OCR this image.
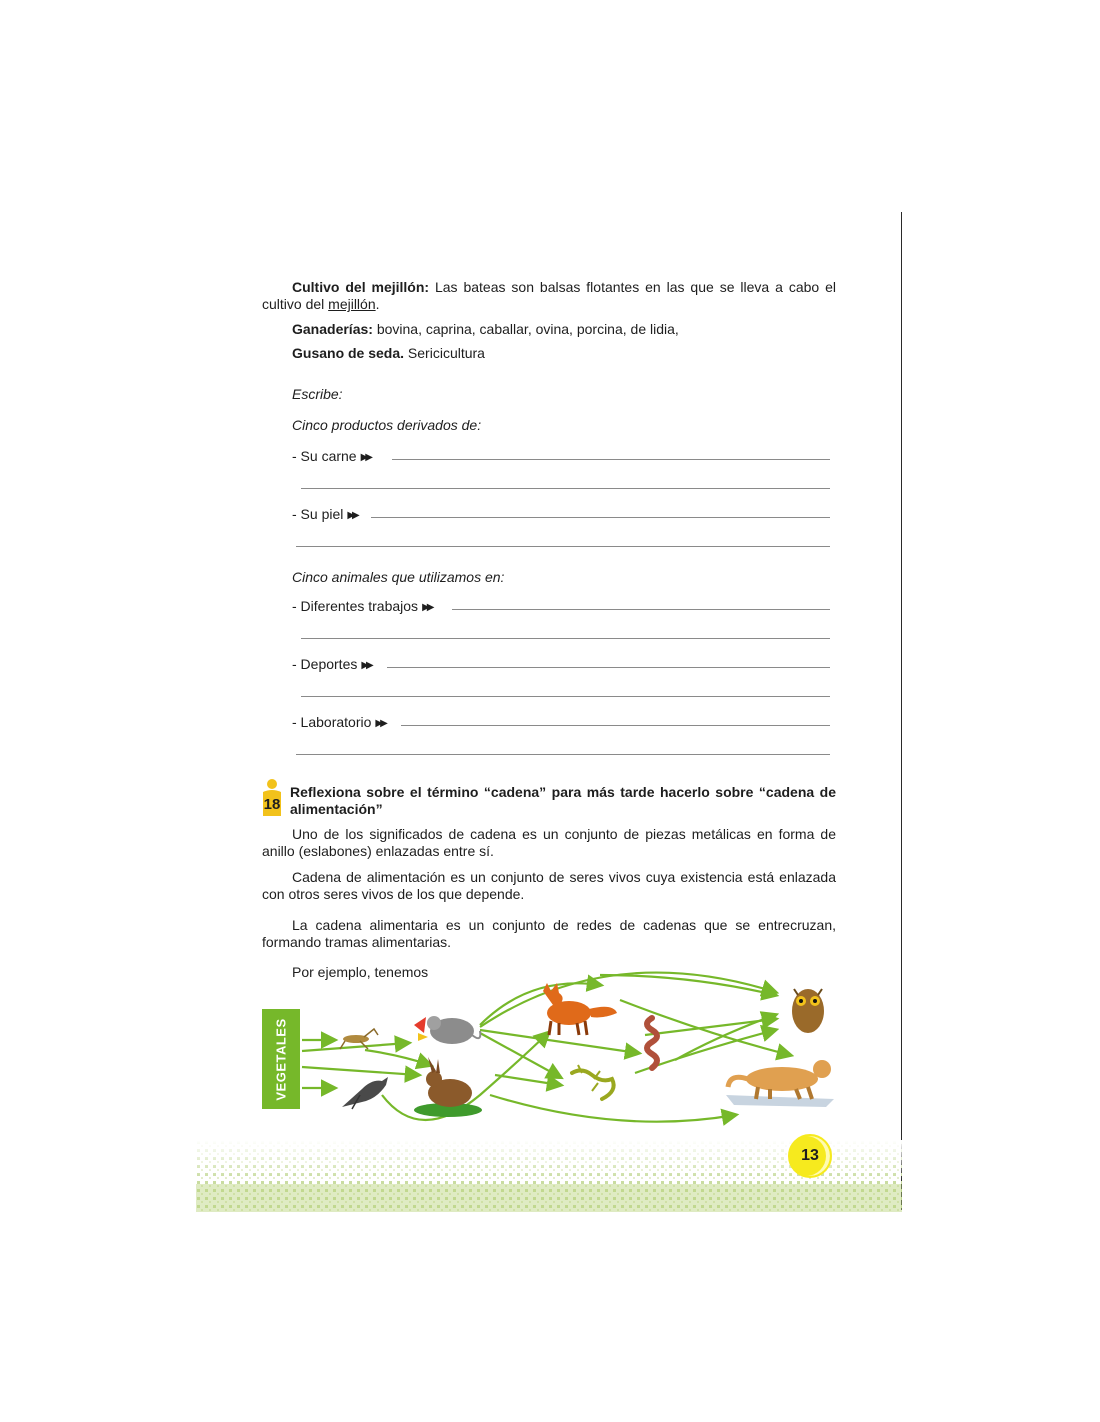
Cultivo del mejillón: Las bateas son balsas flotantes en las que se lleva a cabo el cultivo del mejillón.

Ganaderías: bovina, caprina, caballar, ovina, porcina, de lidia,

Gusano de seda. Sericicultura

Escribe:

Cinco productos derivados de:

- Su carne ▶▶

- Su piel ▶▶

Cinco animales que utilizamos en:

- Diferentes trabajos ▶▶

- Deportes ▶▶

- Laboratorio ▶▶

18

Reflexiona sobre el término “cadena” para más tarde hacerlo sobre “cadena de alimentación”

Uno de los significados de cadena es un conjunto de piezas metálicas en forma de anillo (eslabones) enlazadas entre sí.

Cadena de alimentación es un conjunto de seres vivos cuya existencia está enlazada con otros seres vivos de los que depende.

La cadena alimentaria es un conjunto de redes de cadenas que se entrecruzan, formando tramas alimentarias.

Por ejemplo, tenemos

VEGETALES
13
